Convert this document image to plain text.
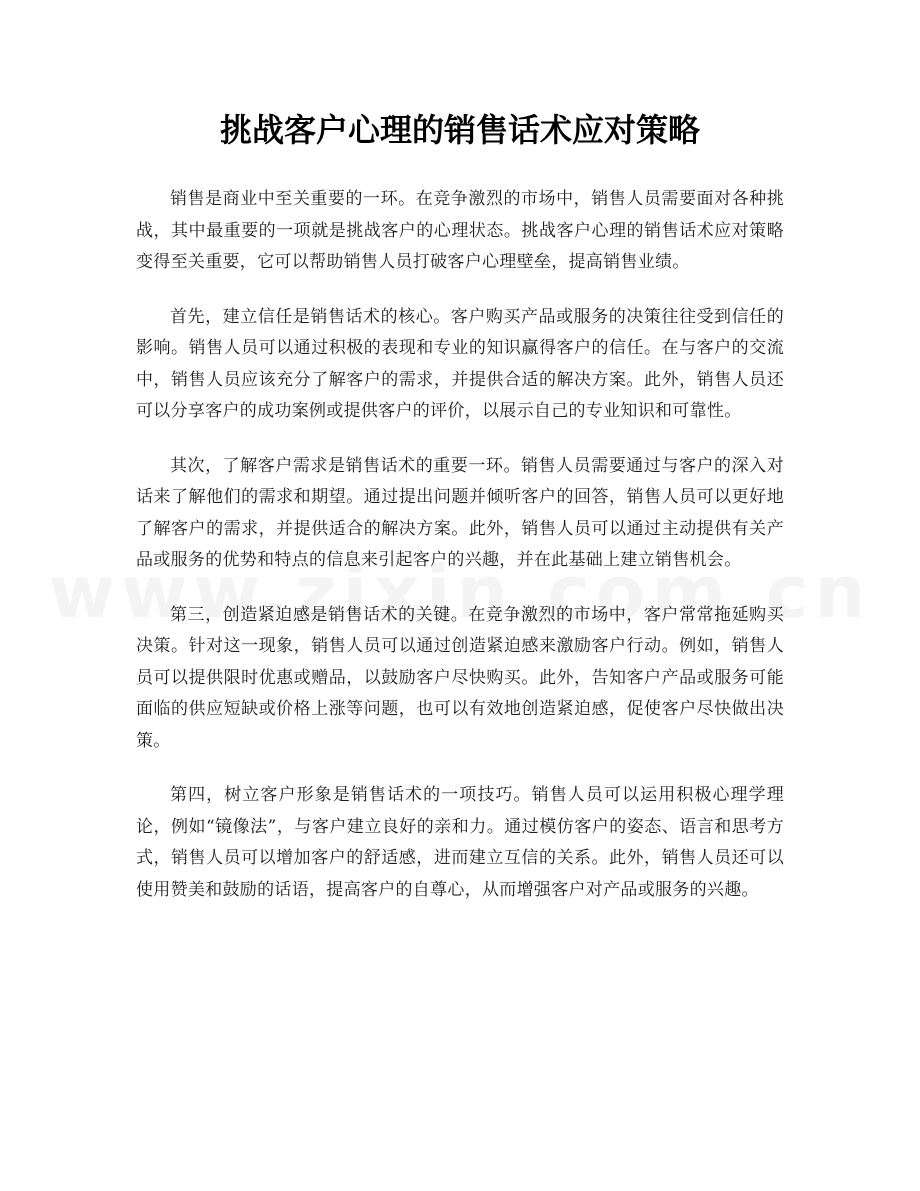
挑战客户心理的销售话术应对策略

销售是商业中至关重要的一环。在竞争激烈的市场中，销售人员需要面对各种挑战，其中最重要的一项就是挑战客户的心理状态。挑战客户心理的销售话术应对策略变得至关重要，它可以帮助销售人员打破客户心理壁垒，提高销售业绩。

首先，建立信任是销售话术的核心。客户购买产品或服务的决策往往受到信任的影响。销售人员可以通过积极的表现和专业的知识赢得客户的信任。在与客户的交流中，销售人员应该充分了解客户的需求，并提供合适的解决方案。此外，销售人员还可以分享客户的成功案例或提供客户的评价，以展示自己的专业知识和可靠性。

其次，了解客户需求是销售话术的重要一环。销售人员需要通过与客户的深入对话来了解他们的需求和期望。通过提出问题并倾听客户的回答，销售人员可以更好地了解客户的需求，并提供适合的解决方案。此外，销售人员可以通过主动提供有关产品或服务的优势和特点的信息来引起客户的兴趣，并在此基础上建立销售机会。

第三，创造紧迫感是销售话术的关键。在竞争激烈的市场中，客户常常拖延购买决策。针对这一现象，销售人员可以通过创造紧迫感来激励客户行动。例如，销售人员可以提供限时优惠或赠品，以鼓励客户尽快购买。此外，告知客户产品或服务可能面临的供应短缺或价格上涨等问题，也可以有效地创造紧迫感，促使客户尽快做出决策。

第四，树立客户形象是销售话术的一项技巧。销售人员可以运用积极心理学理论，例如“镜像法”，与客户建立良好的亲和力。通过模仿客户的姿态、语言和思考方式，销售人员可以增加客户的舒适感，进而建立互信的关系。此外，销售人员还可以使用赞美和鼓励的话语，提高客户的自尊心，从而增强客户对产品或服务的兴趣。
